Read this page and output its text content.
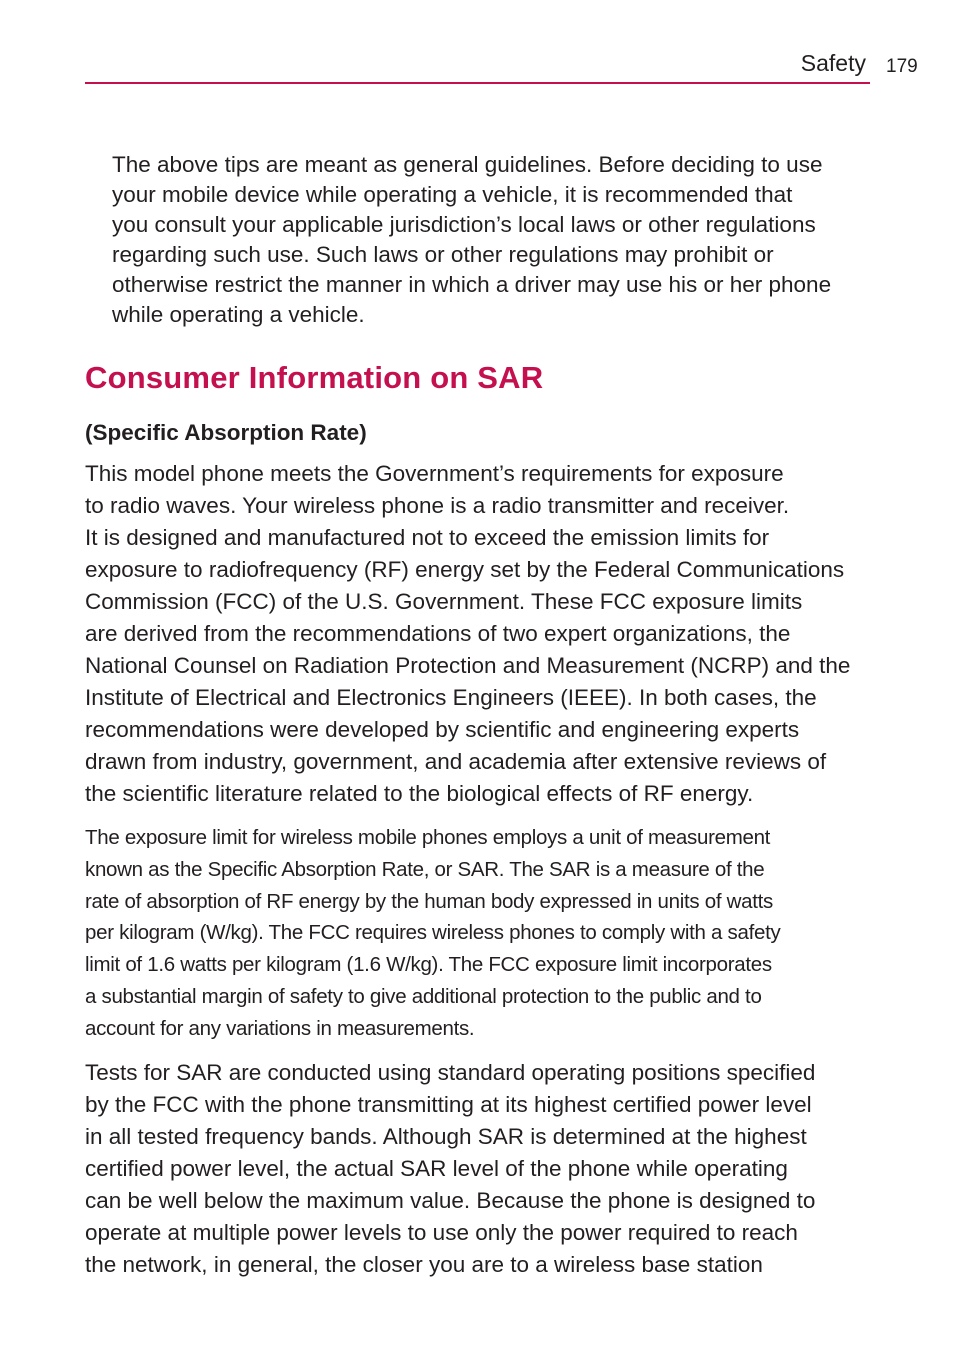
Safety 179

The above tips are meant as general guidelines. Before deciding to use
your mobile device while operating a vehicle, it is recommended that
you consult your applicable jurisdiction’s local laws or other regulations
regarding such use. Such laws or other regulations may prohibit or
otherwise restrict the manner in which a driver may use his or her phone
while operating a vehicle.

Consumer Information on SAR
(Specific Absorption Rate)

This model phone meets the Government’s requirements for exposure
to radio waves. Your wireless phone is a radio transmitter and receiver.
It is designed and manufactured not to exceed the emission limits for
exposure to radiofrequency (RF) energy set by the Federal Communications
Commission (FCC) of the U.S. Government. These FCC exposure limits
are derived from the recommendations of two expert organizations, the
National Counsel on Radiation Protection and Measurement (NCRP) and the
Institute of Electrical and Electronics Engineers (IEEE). In both cases, the
recommendations were developed by scientific and engineering experts
drawn from industry, government, and academia after extensive reviews of
the scientific literature related to the biological effects of RF energy.

The exposure limit for wireless mobile phones employs a unit of measurement
known as the Specific Absorption Rate, or SAR. The SAR is a measure of the
rate of absorption of RF energy by the human body expressed in units of watts
per kilogram (W/kg). The FCC requires wireless phones to comply with a safety
limit of 1.6 watts per kilogram (1.6 W/kg). The FCC exposure limit incorporates
a substantial margin of safety to give additional protection to the public and to
account for any variations in measurements.

Tests for SAR are conducted using standard operating positions specified
by the FCC with the phone transmitting at its highest certified power level
in all tested frequency bands. Although SAR is determined at the highest
certified power level, the actual SAR level of the phone while operating
can be well below the maximum value. Because the phone is designed to
operate at multiple power levels to use only the power required to reach
the network, in general, the closer you are to a wireless base station
